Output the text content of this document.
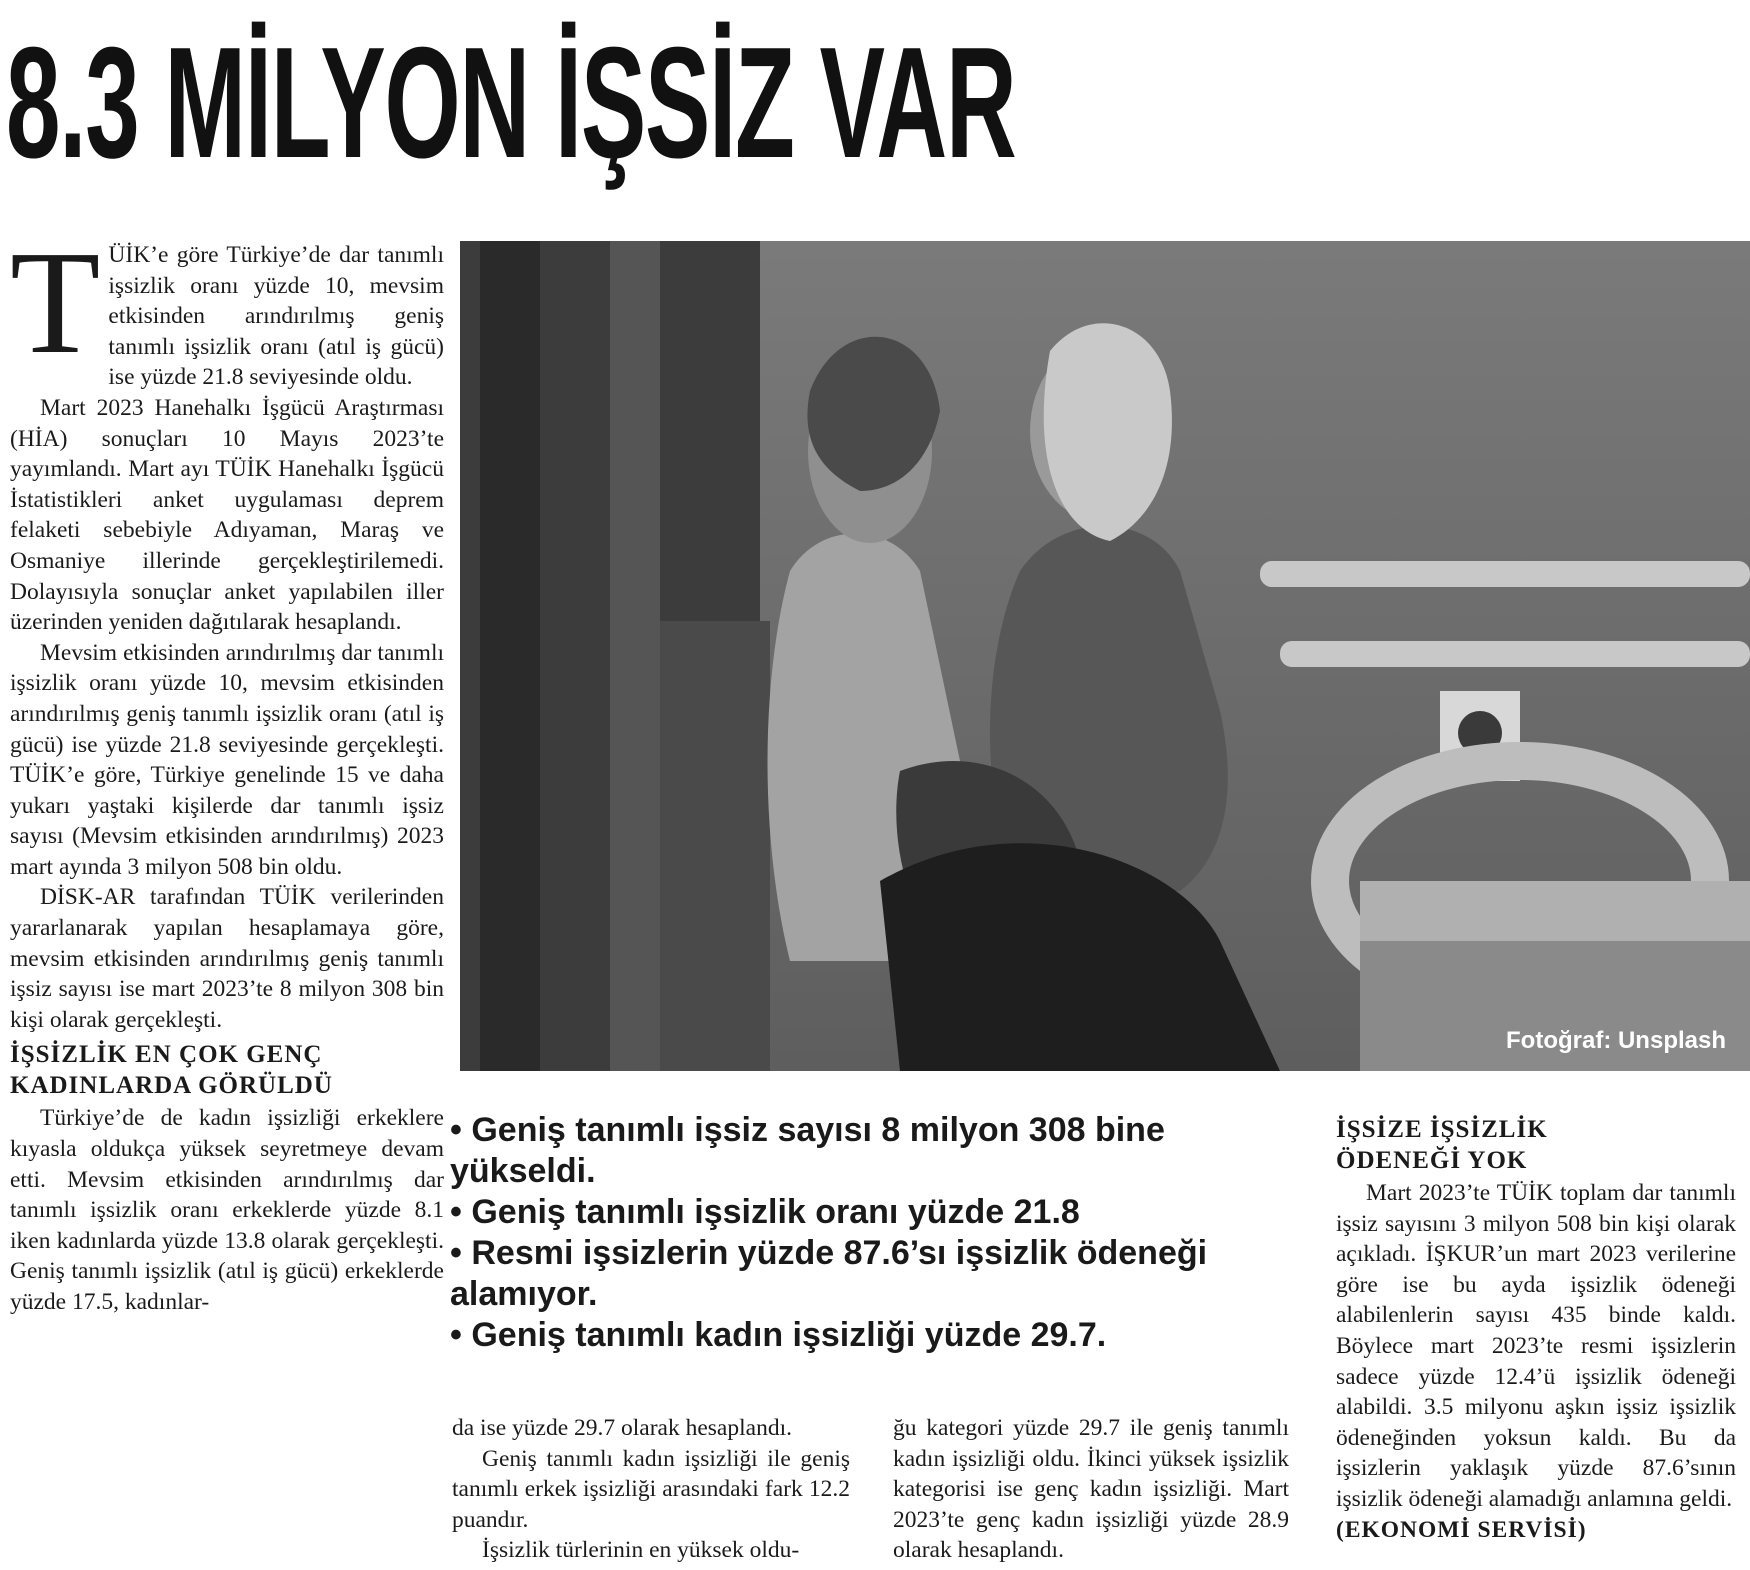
8.3 MİLYON İŞSİZ VAR

TÜİK’e göre Türkiye’de dar tanımlı işsizlik oranı yüzde 10, mevsim etkisinden arındırılmış geniş tanımlı işsizlik oranı (atıl iş gücü) ise yüzde 21.8 seviyesinde oldu.

Mart 2023 Hanehalkı İşgücü Araştırması (HİA) sonuçları 10 Mayıs 2023’te yayımlandı. Mart ayı TÜİK Hanehalkı İşgücü İstatistikleri anket uygulaması deprem felaketi sebebiyle Adıyaman, Maraş ve Osmaniye illerinde gerçekleştirilemedi. Dolayısıyla sonuçlar anket yapılabilen iller üzerinden yeniden dağıtılarak hesaplandı.

Mevsim etkisinden arındırılmış dar tanımlı işsizlik oranı yüzde 10, mevsim etkisinden arındırılmış geniş tanımlı işsizlik oranı (atıl iş gücü) ise yüzde 21.8 seviyesinde gerçekleşti. TÜİK’e göre, Türkiye genelinde 15 ve daha yukarı yaştaki kişilerde dar tanımlı işsiz sayısı (Mevsim etkisinden arındırılmış) 2023 mart ayında 3 milyon 508 bin oldu.

DİSK-AR tarafından TÜİK verilerinden yararlanarak yapılan hesaplamaya göre, mevsim etkisinden arındırılmış geniş tanımlı işsiz sayısı ise mart 2023’te 8 milyon 308 bin kişi olarak gerçekleşti.

İŞSİZLİK EN ÇOK GENÇ
KADINLARDA GÖRÜLDÜ

Türkiye’de de kadın işsizliği erkeklere kıyasla oldukça yüksek seyretmeye devam etti. Mevsim etkisinden arındırılmış dar tanımlı işsizlik oranı erkeklerde yüzde 8.1 iken kadınlarda yüzde 13.8 olarak gerçekleşti. Geniş tanımlı işsizlik (atıl iş gücü) erkeklerde yüzde 17.5, kadınlar-

Fotoğraf: Unsplash
• Geniş tanımlı işsiz sayısı 8 milyon 308 bine yükseldi.
• Geniş tanımlı işsizlik oranı yüzde 21.8
• Resmi işsizlerin yüzde 87.6’sı işsizlik ödeneği alamıyor.
• Geniş tanımlı kadın işsizliği yüzde 29.7.

da ise yüzde 29.7 olarak hesaplandı.

Geniş tanımlı kadın işsizliği ile geniş tanımlı erkek işsizliği arasındaki fark 12.2 puandır.

İşsizlik türlerinin en yüksek oldu-

ğu kategori yüzde 29.7 ile geniş tanımlı kadın işsizliği oldu. İkinci yüksek işsizlik kategorisi ise genç kadın işsizliği. Mart 2023’te genç kadın işsizliği yüzde 28.9 olarak hesaplandı.

İŞSİZE İŞSİZLİK
ÖDENEĞİ YOK

Mart 2023’te TÜİK toplam dar tanımlı işsiz sayısını 3 milyon 508 bin kişi olarak açıkladı. İŞKUR’un mart 2023 verilerine göre ise bu ayda işsizlik ödeneği alabilenlerin sayısı 435 binde kaldı. Böylece mart 2023’te resmi işsizlerin sadece yüzde 12.4’ü işsizlik ödeneği alabildi. 3.5 milyonu aşkın işsiz işsizlik ödeneğinden yoksun kaldı. Bu da işsizlerin yaklaşık yüzde 87.6’sının işsizlik ödeneği alamadığı anlamına geldi.

(EKONOMİ SERVİSİ)
